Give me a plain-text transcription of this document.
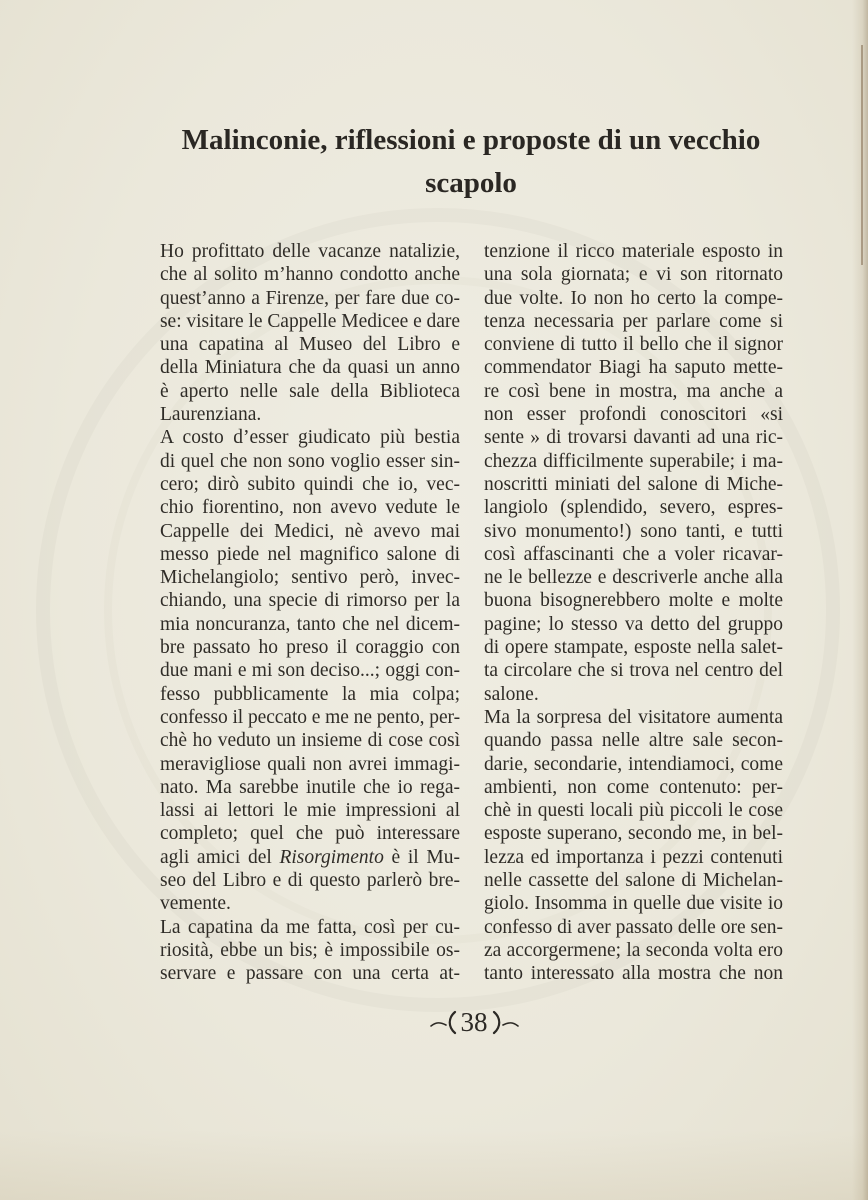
Malinconie, riflessioni e proposte di un vecchio scapolo
Ho profittato delle vacanze natalizie,
che al solito m’hanno condotto anche
quest’anno a Firenze, per fare due co-
se: visitare le Cappelle Medicee e dare
una capatina al Museo del Libro e
della Miniatura che da quasi un anno
è aperto nelle sale della Biblioteca
Laurenziana.
A costo d’esser giudicato più bestia
di quel che non sono voglio esser sin-
cero; dirò subito quindi che io, vec-
chio fiorentino, non avevo vedute le
Cappelle dei Medici, nè avevo mai
messo piede nel magnifico salone di
Michelangiolo; sentivo però, invec-
chiando, una specie di rimorso per la
mia noncuranza, tanto che nel dicem-
bre passato ho preso il coraggio con
due mani e mi son deciso...; oggi con-
fesso pubblicamente la mia colpa;
confesso il peccato e me ne pento, per-
chè ho veduto un insieme di cose così
meravigliose quali non avrei immagi-
nato. Ma sarebbe inutile che io rega-
lassi ai lettori le mie impressioni al
completo; quel che può interessare
agli amici del Risorgimento è il Mu-
seo del Libro e di questo parlerò bre-
vemente.
La capatina da me fatta, così per cu-
riosità, ebbe un bis; è impossibile os-
servare e passare con una certa at-
tenzione il ricco materiale esposto in
una sola giornata; e vi son ritornato
due volte. Io non ho certo la compe-
tenza necessaria per parlare come si
conviene di tutto il bello che il signor
commendator Biagi ha saputo mette-
re così bene in mostra, ma anche a
non esser profondi conoscitori «si
sente » di trovarsi davanti ad una ric-
chezza difficilmente superabile; i ma-
noscritti miniati del salone di Miche-
langiolo (splendido, severo, espres-
sivo monumento!) sono tanti, e tutti
così affascinanti che a voler ricavar-
ne le bellezze e descriverle anche alla
buona bisognerebbero molte e molte
pagine; lo stesso va detto del gruppo
di opere stampate, esposte nella salet-
ta circolare che si trova nel centro del
salone.
Ma la sorpresa del visitatore aumenta
quando passa nelle altre sale secon-
darie, secondarie, intendiamoci, come
ambienti, non come contenuto: per-
chè in questi locali più piccoli le cose
esposte superano, secondo me, in bel-
lezza ed importanza i pezzi contenuti
nelle cassette del salone di Michelan-
giolo. Insomma in quelle due visite io
confesso di aver passato delle ore sen-
za accorgermene; la seconda volta ero
tanto interessato alla mostra che non
38
